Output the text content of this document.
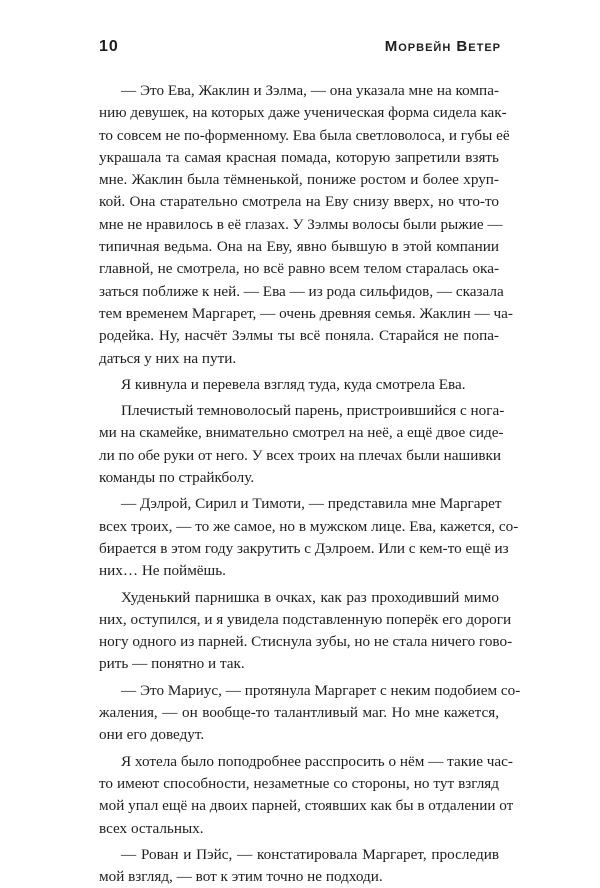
10	Морвейн Ветер
— Это Ева, Жаклин и Зэлма, — она указала мне на компа-
нию девушек, на которых даже ученическая форма сидела как-
то совсем не по-форменному. Ева была светловолоса, и губы её
украшала та самая красная помада, которую запретили взять
мне. Жаклин была тёмненькой, пониже ростом и более хруп-
кой. Она старательно смотрела на Еву снизу вверх, но что-то
мне не нравилось в её глазах. У Зэлмы волосы были рыжие —
типичная ведьма. Она на Еву, явно бывшую в этой компании
главной, не смотрела, но всё равно всем телом старалась ока-
заться поближе к ней. — Ева — из рода сильфидов, — сказала
тем временем Маргарет, — очень древняя семья. Жаклин — ча-
родейка. Ну, насчёт Зэлмы ты всё поняла. Старайся не попа-
даться у них на пути.
Я кивнула и перевела взгляд туда, куда смотрела Ева.
Плечистый темноволосый парень, пристроившийся с нога-
ми на скамейке, внимательно смотрел на неё, а ещё двое сиде-
ли по обе руки от него. У всех троих на плечах были нашивки
команды по страйкболу.
— Дэлрой, Сирил и Тимоти, — представила мне Маргарет
всех троих, — то же самое, но в мужском лице. Ева, кажется, со-
бирается в этом году закрутить с Дэлроем. Или с кем-то ещё из
них… Не поймёшь.
Худенький парнишка в очках, как раз проходивший мимо
них, оступился, и я увидела подставленную поперёк его дороги
ногу одного из парней. Стиснула зубы, но не стала ничего гово-
рить — понятно и так.
— Это Мариус, — протянула Маргарет с неким подобием со-
жаления, — он вообще-то талантливый маг. Но мне кажется,
они его доведут.
Я хотела было поподробнее расспросить о нём — такие час-
то имеют способности, незаметные со стороны, но тут взгляд
мой упал ещё на двоих парней, стоявших как бы в отдалении от
всех остальных.
— Рован и Пэйс, — констатировала Маргарет, проследив
мой взгляд, — вот к этим точно не подходи.
